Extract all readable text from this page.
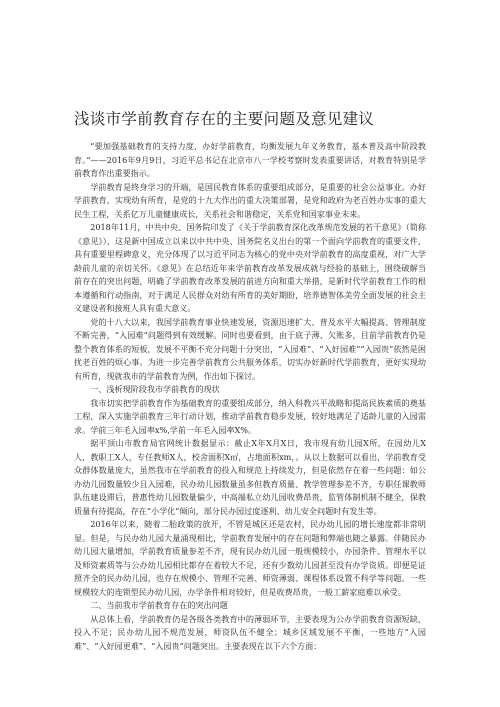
浅谈市学前教育存在的主要问题及意见建议

“要加强基础教育的支持力度，办好学前教育，均衡发展九年义务教育，基本普及高中阶段教育。”——2016年9月9日，习近平总书记在北京市八一学校考察时发表重要讲话，对教育特别是学前教育作出重要指示。

学前教育是终身学习的开端，是国民教育体系的重要组成部分，是重要的社会公益事业。办好学前教育，实现幼有所育，是党的十九大作出的重大决策部署，是党和政府为老百姓办实事的重大民生工程，关系亿万儿童健康成长，关系社会和谐稳定，关系党和国家事业未来。

2018年11月，中共中央、国务院印发了《关于学前教育深化改革规范发展的若干意见》（简称《意见》），这是新中国成立以来以中共中央、国务院名义出台的第一个面向学前教育的重要文件，具有重要里程碑意义，充分体现了以习近平同志为核心的党中央对学前教育的高度重视，对广大学龄前儿童的亲切关怀。《意见》在总结近年来学前教育改革发展成就与经验的基础上，围绕破解当前存在的突出问题，明确了学前教育改革发展的前进方向和重大举措，是新时代学前教育工作的根本遵循和行动指南，对于满足人民群众对幼有所育的美好期盼，培养德智体美劳全面发展的社会主义建设者和接班人具有重大意义。

党的十八大以来，我国学前教育事业快速发展，资源迅速扩大、普及水平大幅提高、管理制度不断完善，“入园难”问题得到有效缓解。同时也要看到，由于底子薄、欠账多，目前学前教育仍是整个教育体系的短板，发展不平衡不充分问题十分突出，“入园难”、“入好园难”“入园贵”依然是困扰老百姓的烦心事。为进一步完善学前教育公共服务体系，切实办好新时代学前教育，更好实现幼有所育，现就我市的学前教育为例，作出如下探讨。

一、浅析现阶段我市学前教育的现状

我市切实把学前教育作为基础教育的重要组成部分，纳入科教兴平战略和提高民族素质的奠基工程，深入实施学前教育三年行动计划，推动学前教育稳步发展，较好地满足了适龄儿童的入园需求。学前三年毛入园率x%,学前一年毛入园率X%。

据平顶山市教育局官网统计数据显示：截止X年X月X日，我市现有幼儿园X所，在园幼儿X人，教职工X人，专任教师X人，校舍面积X㎡，占地面积xm，。从以上数据可以看出，学前教育受众群体数量庞大，虽然我市在学前教育的投入和规范上持续发力，但是依然存在着一些问题：如公办幼儿园数量较少且入园难，民办幼儿园数量虽多但教育质量、教学管理参差不齐，专职任课教师队伍建设滞后，普惠性幼儿园数量偏少，中高端私立幼儿园收费昂贵，监管体制机制不健全，保教质量有待提高，存在“小学化”倾向，部分民办园过度逐利、幼儿安全问题时有发生等。

2016年以来，随着二胎政策的放开，不管是城区还是农村，民办幼儿园的增长速度都非常明显。但是，与民办幼儿园大量涌现相比，学前教育发展中的存在问题和弊端也随之暴露。伴随民办幼儿园大量增加，学前教育质量参差不齐，现有民办幼儿园一般规模较小，办园条件、管理水平以及师资素质等与公办幼儿园相比都存在着较大不足，还有少数幼儿园甚至没有办学资质。即便是证照齐全的民办幼儿园，也存在规模小、管理不完善、师资薄弱、课程体系设置不科学等问题。一些规模较大的连锁型民办幼儿园，办学条件相对较好，但是收费昂贵，一般工薪家庭难以承受。

二、当前我市学前教育存在的突出问题

从总体上看，学前教育仍是各级各类教育中的薄弱环节，主要表现为公办学前教育资源短缺，投入不足；民办幼儿园不规范发展，师资队伍不健全；城乡区域发展不平衡，一些地方“入园难”、“入好园更难”、“入园贵”问题突出。主要表现在以下六个方面：
